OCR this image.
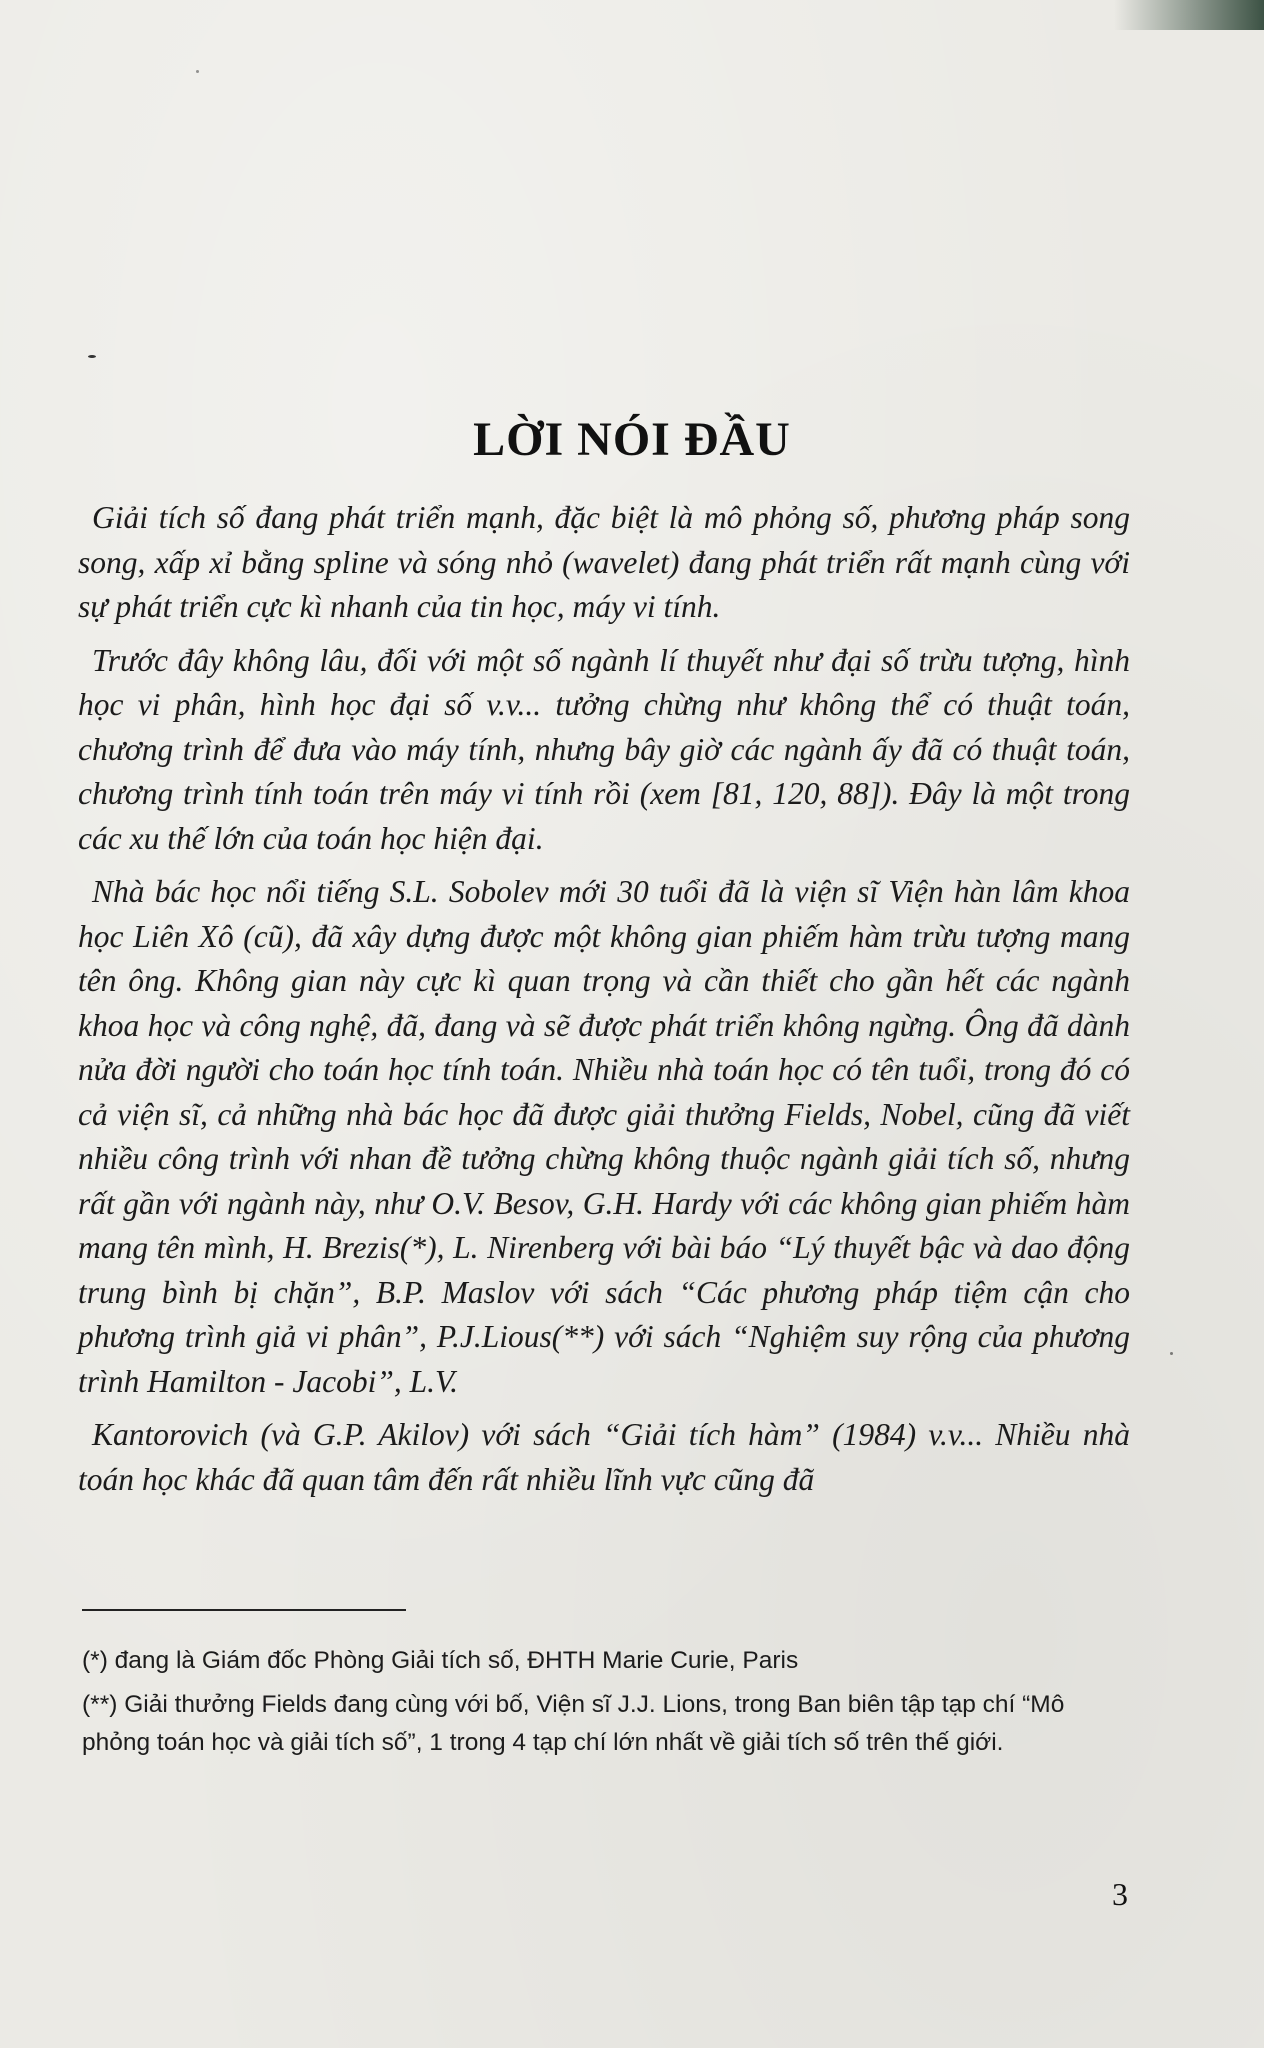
LỜI NÓI ĐẦU

Giải tích số đang phát triển mạnh, đặc biệt là mô phỏng số, phương pháp song song, xấp xỉ bằng spline và sóng nhỏ (wavelet) đang phát triển rất mạnh cùng với sự phát triển cực kì nhanh của tin học, máy vi tính.

Trước đây không lâu, đối với một số ngành lí thuyết như đại số trừu tượng, hình học vi phân, hình học đại số v.v... tưởng chừng như không thể có thuật toán, chương trình để đưa vào máy tính, nhưng bây giờ các ngành ấy đã có thuật toán, chương trình tính toán trên máy vi tính rồi (xem [81, 120, 88]). Đây là một trong các xu thế lớn của toán học hiện đại.

Nhà bác học nổi tiếng S.L. Sobolev mới 30 tuổi đã là viện sĩ Viện hàn lâm khoa học Liên Xô (cũ), đã xây dựng được một không gian phiếm hàm trừu tượng mang tên ông. Không gian này cực kì quan trọng và cần thiết cho gần hết các ngành khoa học và công nghệ, đã, đang và sẽ được phát triển không ngừng. Ông đã dành nửa đời người cho toán học tính toán. Nhiều nhà toán học có tên tuổi, trong đó có cả viện sĩ, cả những nhà bác học đã được giải thưởng Fields, Nobel, cũng đã viết nhiều công trình với nhan đề tưởng chừng không thuộc ngành giải tích số, nhưng rất gần với ngành này, như O.V. Besov, G.H. Hardy với các không gian phiếm hàm mang tên mình, H. Brezis(*), L. Nirenberg với bài báo “Lý thuyết bậc và dao động trung bình bị chặn”, B.P. Maslov với sách “Các phương pháp tiệm cận cho phương trình giả vi phân”, P.J.Lious(**) với sách “Nghiệm suy rộng của phương trình Hamilton - Jacobi”, L.V.

Kantorovich (và G.P. Akilov) với sách “Giải tích hàm” (1984) v.v... Nhiều nhà toán học khác đã quan tâm đến rất nhiều lĩnh vực cũng đã

(*) đang là Giám đốc Phòng Giải tích số, ĐHTH Marie Curie, Paris

(**) Giải thưởng Fields đang cùng với bố, Viện sĩ J.J. Lions, trong Ban biên tập tạp chí “Mô phỏng toán học và giải tích số”, 1 trong 4 tạp chí lớn nhất về giải tích số trên thế giới.

3
